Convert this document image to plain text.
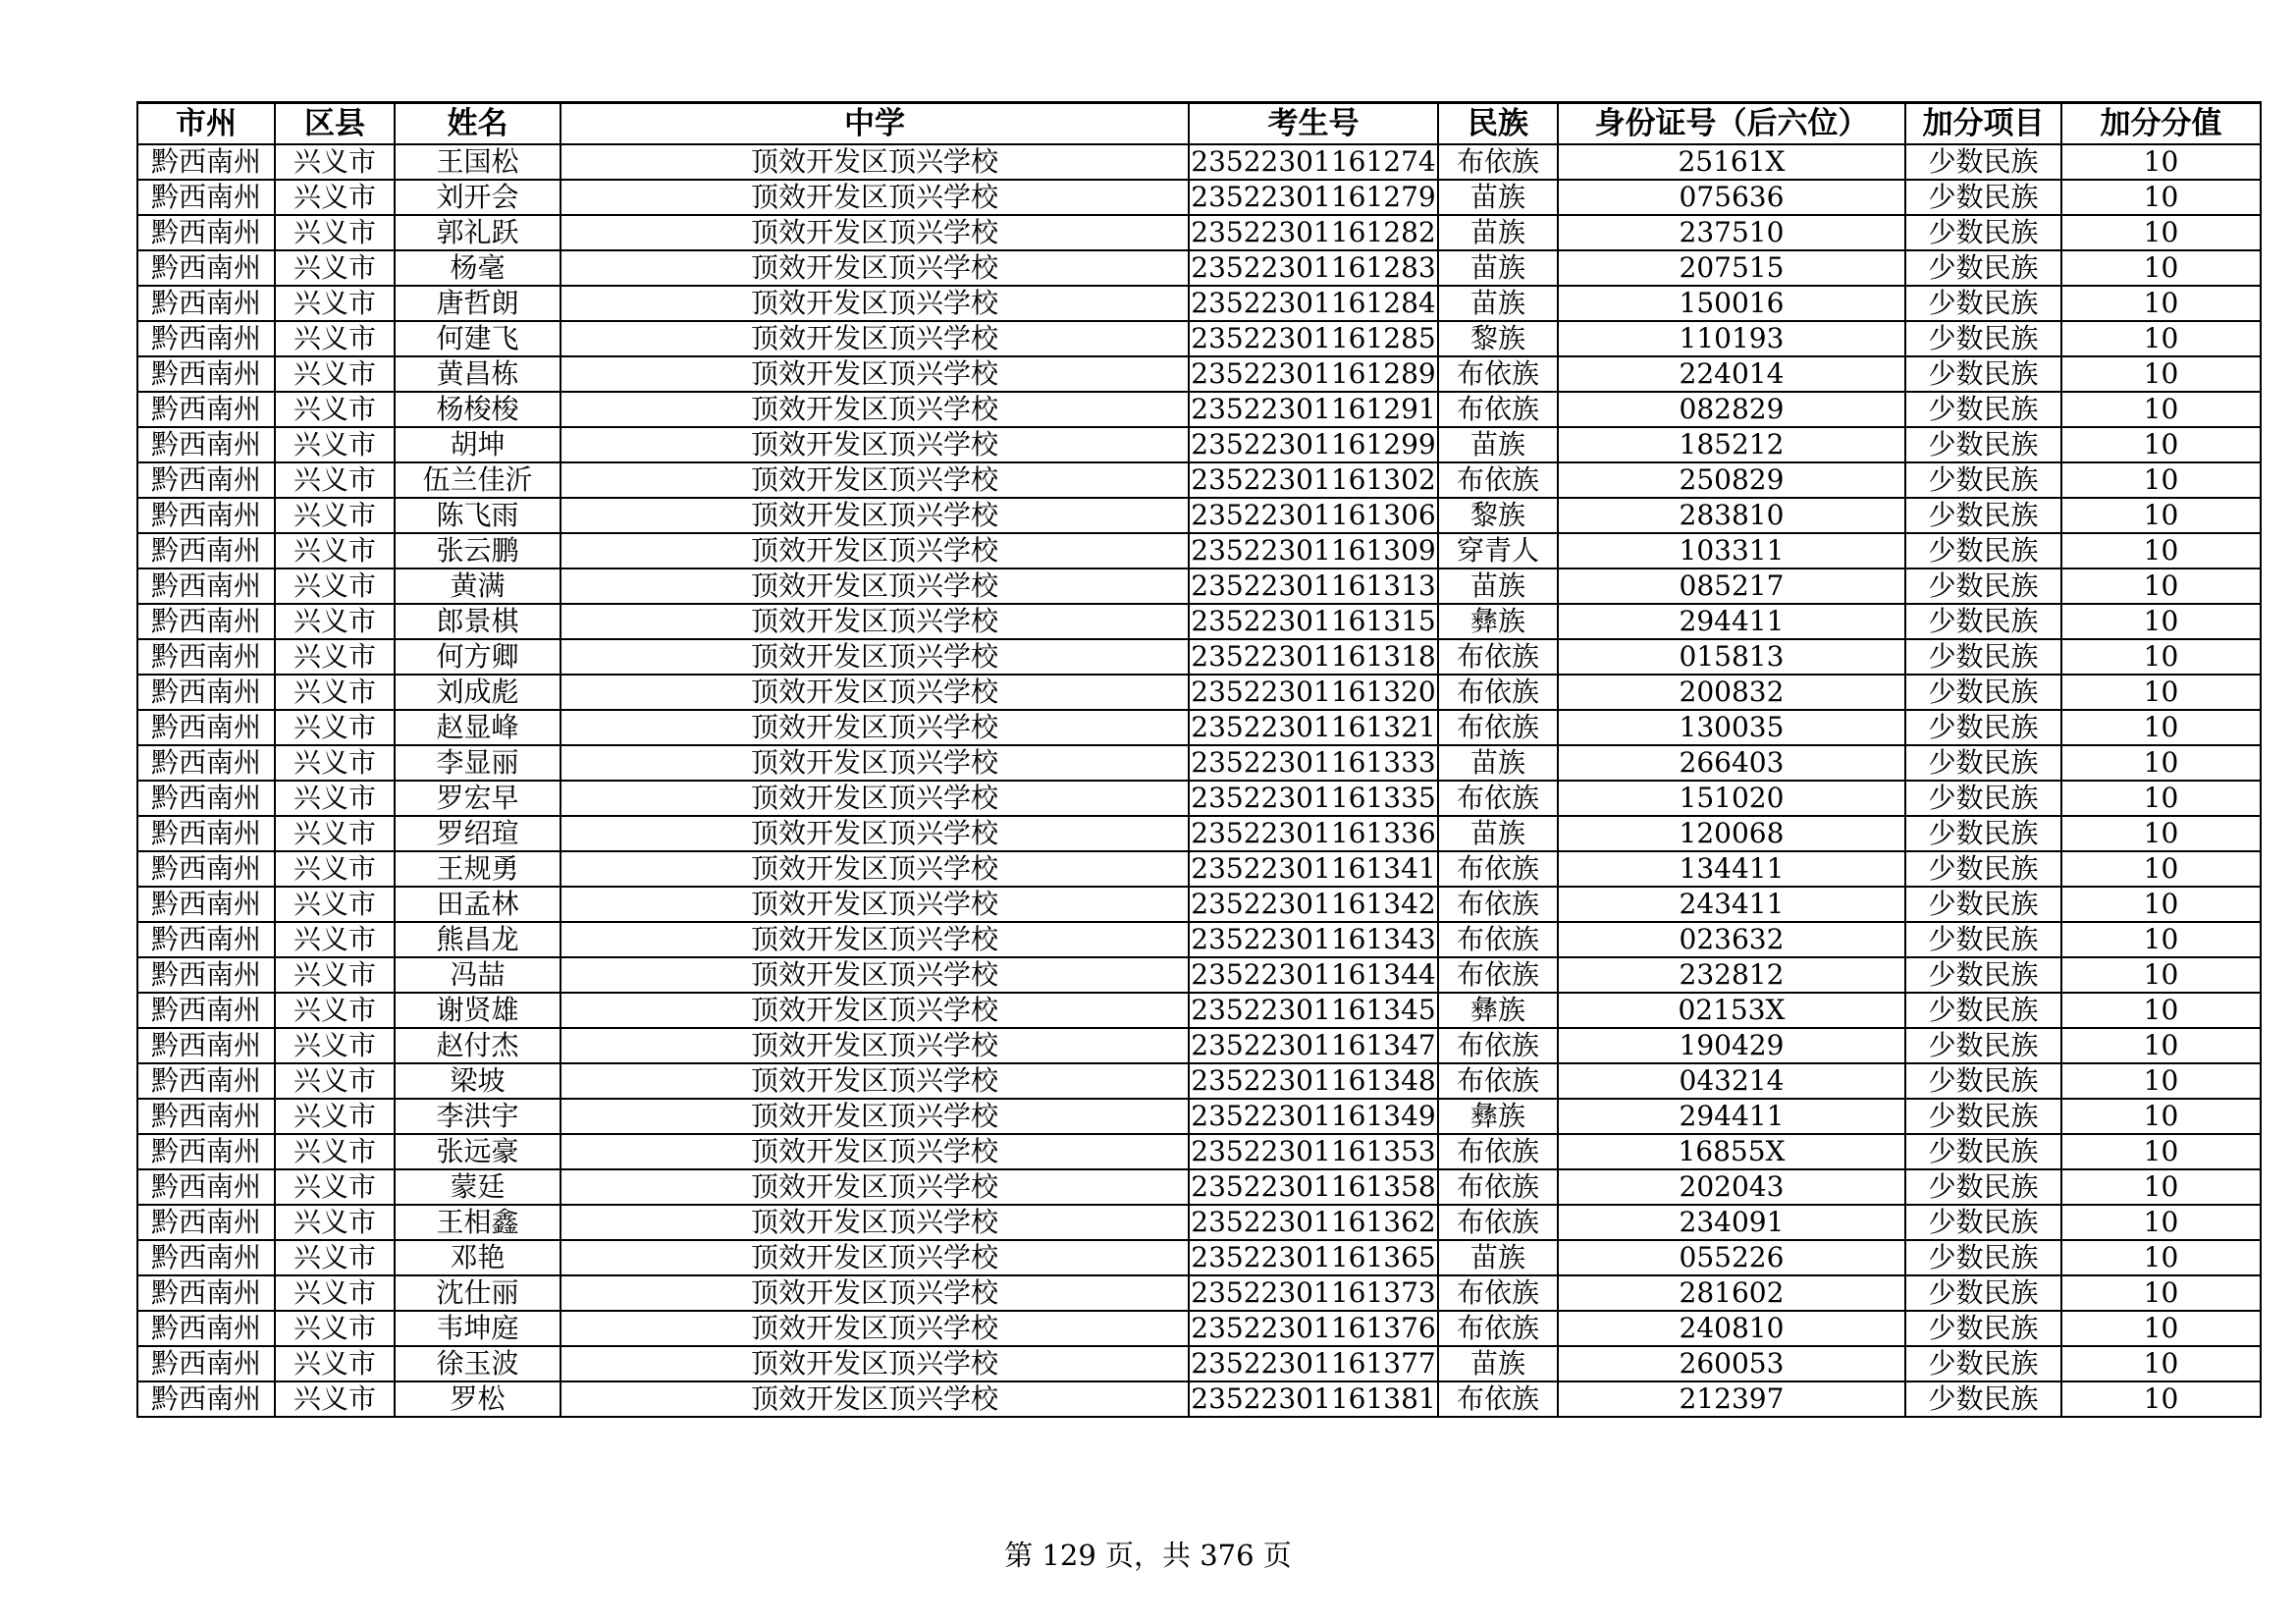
市州	区县	姓名	中学	考生号	民族	身份证号（后六位）	加分项目	加分分值
黔西南州	兴义市	王国松	顶效开发区顶兴学校	23522301161274	布依族	25161X	少数民族	10
黔西南州	兴义市	刘开会	顶效开发区顶兴学校	23522301161279	苗族	075636	少数民族	10
黔西南州	兴义市	郭礼跃	顶效开发区顶兴学校	23522301161282	苗族	237510	少数民族	10
黔西南州	兴义市	杨毫	顶效开发区顶兴学校	23522301161283	苗族	207515	少数民族	10
黔西南州	兴义市	唐哲朗	顶效开发区顶兴学校	23522301161284	苗族	150016	少数民族	10
黔西南州	兴义市	何建飞	顶效开发区顶兴学校	23522301161285	黎族	110193	少数民族	10
黔西南州	兴义市	黄昌栋	顶效开发区顶兴学校	23522301161289	布依族	224014	少数民族	10
黔西南州	兴义市	杨梭梭	顶效开发区顶兴学校	23522301161291	布依族	082829	少数民族	10
黔西南州	兴义市	胡坤	顶效开发区顶兴学校	23522301161299	苗族	185212	少数民族	10
黔西南州	兴义市	伍兰佳沂	顶效开发区顶兴学校	23522301161302	布依族	250829	少数民族	10
黔西南州	兴义市	陈飞雨	顶效开发区顶兴学校	23522301161306	黎族	283810	少数民族	10
黔西南州	兴义市	张云鹏	顶效开发区顶兴学校	23522301161309	穿青人	103311	少数民族	10
黔西南州	兴义市	黄满	顶效开发区顶兴学校	23522301161313	苗族	085217	少数民族	10
黔西南州	兴义市	郎景棋	顶效开发区顶兴学校	23522301161315	彝族	294411	少数民族	10
黔西南州	兴义市	何方卿	顶效开发区顶兴学校	23522301161318	布依族	015813	少数民族	10
黔西南州	兴义市	刘成彪	顶效开发区顶兴学校	23522301161320	布依族	200832	少数民族	10
黔西南州	兴义市	赵显峰	顶效开发区顶兴学校	23522301161321	布依族	130035	少数民族	10
黔西南州	兴义市	李显丽	顶效开发区顶兴学校	23522301161333	苗族	266403	少数民族	10
黔西南州	兴义市	罗宏早	顶效开发区顶兴学校	23522301161335	布依族	151020	少数民族	10
黔西南州	兴义市	罗绍瑄	顶效开发区顶兴学校	23522301161336	苗族	120068	少数民族	10
黔西南州	兴义市	王规勇	顶效开发区顶兴学校	23522301161341	布依族	134411	少数民族	10
黔西南州	兴义市	田孟林	顶效开发区顶兴学校	23522301161342	布依族	243411	少数民族	10
黔西南州	兴义市	熊昌龙	顶效开发区顶兴学校	23522301161343	布依族	023632	少数民族	10
黔西南州	兴义市	冯喆	顶效开发区顶兴学校	23522301161344	布依族	232812	少数民族	10
黔西南州	兴义市	谢贤雄	顶效开发区顶兴学校	23522301161345	彝族	02153X	少数民族	10
黔西南州	兴义市	赵付杰	顶效开发区顶兴学校	23522301161347	布依族	190429	少数民族	10
黔西南州	兴义市	梁坡	顶效开发区顶兴学校	23522301161348	布依族	043214	少数民族	10
黔西南州	兴义市	李洪宇	顶效开发区顶兴学校	23522301161349	彝族	294411	少数民族	10
黔西南州	兴义市	张远豪	顶效开发区顶兴学校	23522301161353	布依族	16855X	少数民族	10
黔西南州	兴义市	蒙廷	顶效开发区顶兴学校	23522301161358	布依族	202043	少数民族	10
黔西南州	兴义市	王相鑫	顶效开发区顶兴学校	23522301161362	布依族	234091	少数民族	10
黔西南州	兴义市	邓艳	顶效开发区顶兴学校	23522301161365	苗族	055226	少数民族	10
黔西南州	兴义市	沈仕丽	顶效开发区顶兴学校	23522301161373	布依族	281602	少数民族	10
黔西南州	兴义市	韦坤庭	顶效开发区顶兴学校	23522301161376	布依族	240810	少数民族	10
黔西南州	兴义市	徐玉波	顶效开发区顶兴学校	23522301161377	苗族	260053	少数民族	10
黔西南州	兴义市	罗松	顶效开发区顶兴学校	23522301161381	布依族	212397	少数民族	10
第 129 页，共 376 页
